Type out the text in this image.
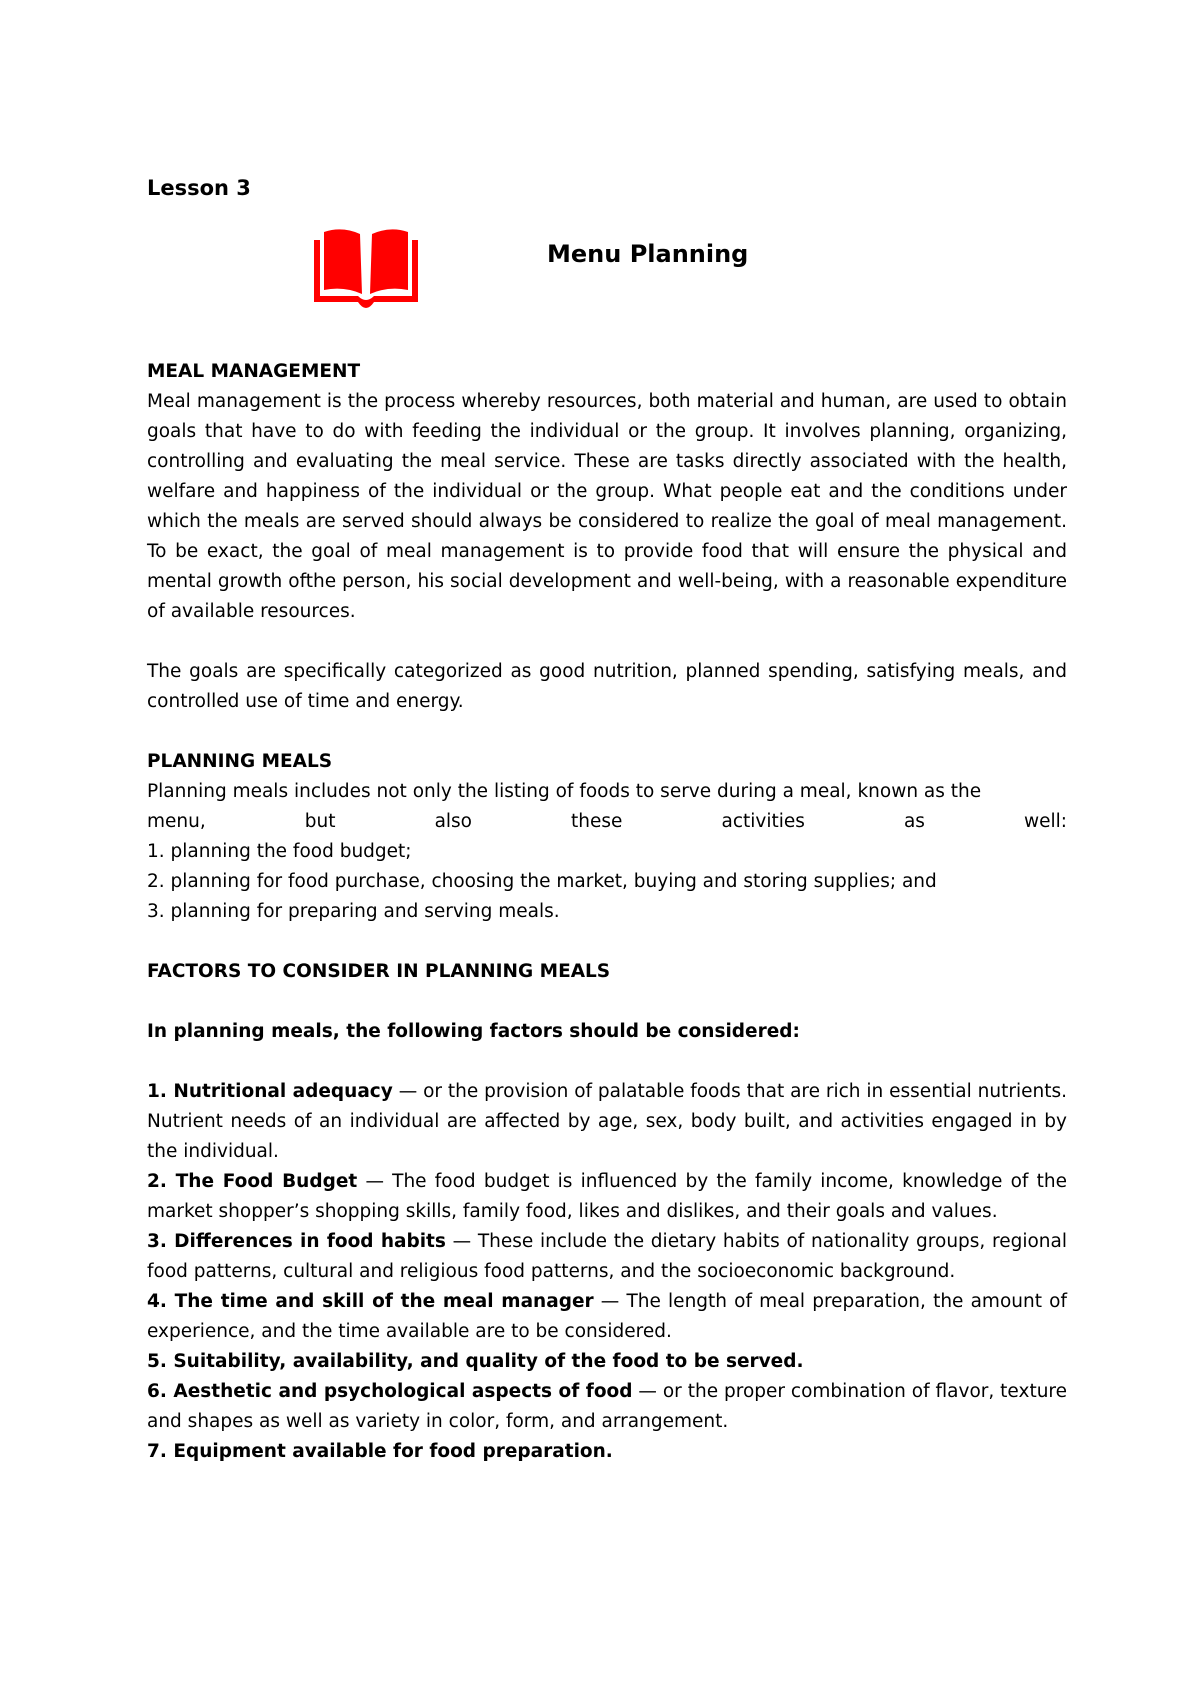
Lesson 3
Menu Planning

MEAL MANAGEMENT

Meal management is the process whereby resources, both material and human, are used to obtain goals that have to do with feeding the individual or the group. It involves planning, organizing, controlling and evaluating the meal service. These are tasks directly associated with the health, welfare and happiness of the individual or the group. What people eat and the conditions under which the meals are served should always be considered to realize the goal of meal management. To be exact, the goal of meal management is to provide food that will ensure the physical and mental growth ofthe person, his social development and well-being, with a reasonable expenditure of available resources.

The goals are specifically categorized as good nutrition, planned spending, satisfying meals, and controlled use of time and energy.

PLANNING MEALS

Planning meals includes not only the listing of foods to serve during a meal, known as the

menu,	but	also	these	activities	as	well:

1. planning the food budget;

2. planning for food purchase, choosing the market, buying and storing supplies; and

3. planning for preparing and serving meals.

FACTORS TO CONSIDER IN PLANNING MEALS

In planning meals, the following factors should be considered:

1. Nutritional adequacy — or the provision of palatable foods that are rich in essential nutrients. Nutrient needs of an individual are affected by age, sex, body built, and activities engaged in by the individual.

2. The Food Budget — The food budget is influenced by the family income, knowledge of the market shopper’s shopping skills, family food, likes and dislikes, and their goals and values.

3. Differences in food habits — These include the dietary habits of nationality groups, regional food patterns, cultural and religious food patterns, and the socioeconomic background.

4. The time and skill of the meal manager — The length of meal preparation, the amount of experience, and the time available are to be considered.

5. Suitability, availability, and quality of the food to be served.

6. Aesthetic and psychological aspects of food — or the proper combination of flavor, texture and shapes as well as variety in color, form, and arrangement.

7. Equipment available for food preparation.
